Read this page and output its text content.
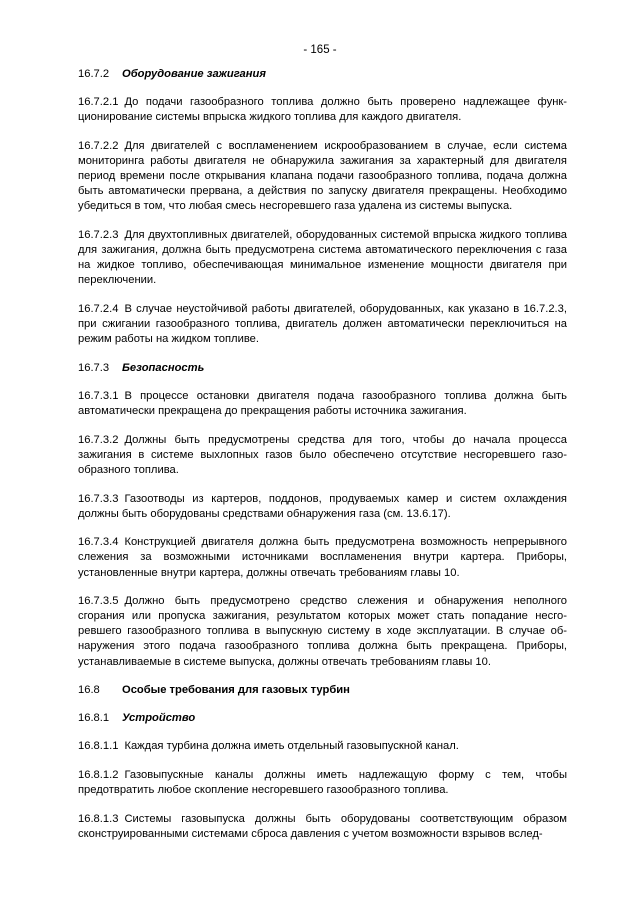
- 165 -
16.7.2 Оборудование зажигания

16.7.2.1 До подачи газообразного топлива должно быть проверено надлежащее функционирование системы впрыска жидкого топлива для каждого двигателя.

16.7.2.2 Для двигателей с воспламенением искрообразованием в случае, если система мониторинга работы двигателя не обнаружила зажигания за характерный для двигателя период времени после открывания клапана подачи газообразного топлива, подача должна быть автоматически прервана, а действия по запуску двигателя прекращены. Необходимо убедиться в том, что любая смесь несгоревшего газа удалена из системы выпуска.

16.7.2.3 Для двухтопливных двигателей, оборудованных системой впрыска жидкого топлива для зажигания, должна быть предусмотрена система автоматического переключения с газа на жидкое топливо, обеспечивающая минимальное изменение мощности двигателя при переключении.

16.7.2.4 В случае неустойчивой работы двигателей, оборудованных, как указано в 16.7.2.3, при сжигании газообразного топлива, двигатель должен автоматически переключиться на режим работы на жидком топливе.

16.7.3 Безопасность

16.7.3.1 В процессе остановки двигателя подача газообразного топлива должна быть автоматически прекращена до прекращения работы источника зажигания.

16.7.3.2 Должны быть предусмотрены средства для того, чтобы до начала процесса зажигания в системе выхлопных газов было обеспечено отсутствие несгоревшего газообразного топлива.

16.7.3.3 Газоотводы из картеров, поддонов, продуваемых камер и систем охлаждения должны быть оборудованы средствами обнаружения газа (см. 13.6.17).

16.7.3.4 Конструкцией двигателя должна быть предусмотрена возможность непрерывного слежения за возможными источниками воспламенения внутри картера. Приборы, установленные внутри картера, должны отвечать требованиям главы 10.

16.7.3.5 Должно быть предусмотрено средство слежения и обнаружения неполного сгорания или пропуска зажигания, результатом которых может стать попадание несгоревшего газообразного топлива в выпускную систему в ходе эксплуатации. В случае обнаружения этого подача газообразного топлива должна быть прекращена. Приборы, устанавливаемые в системе выпуска, должны отвечать требованиям главы 10.

16.8 Особые требования для газовых турбин
16.8.1 Устройство

16.8.1.1 Каждая турбина должна иметь отдельный газовыпускной канал.

16.8.1.2 Газовыпускные каналы должны иметь надлежащую форму с тем, чтобы предотвратить любое скопление несгоревшего газообразного топлива.

16.8.1.3 Системы газовыпуска должны быть оборудованы соответствующим образом сконструированными системами сброса давления с учетом возможности взрывов вслед-
